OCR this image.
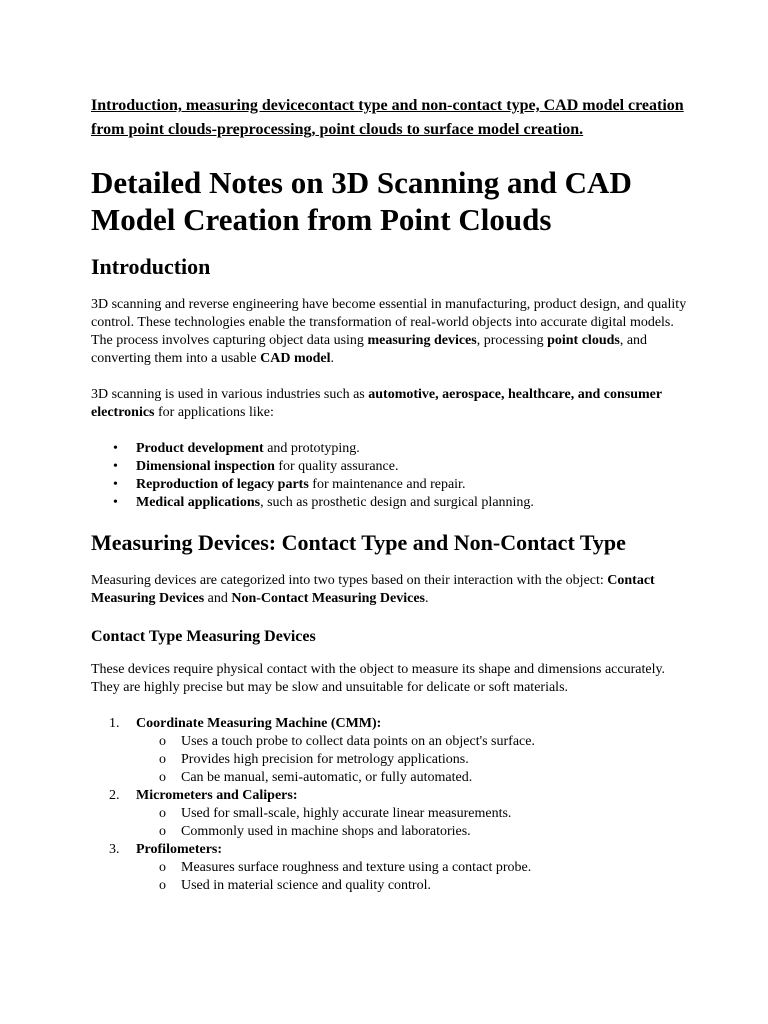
Introduction, measuring devicecontact type and non-contact type, CAD model creation from point clouds-preprocessing, point clouds to surface model creation.
Detailed Notes on 3D Scanning and CAD Model Creation from Point Clouds
Introduction

3D scanning and reverse engineering have become essential in manufacturing, product design, and quality control. These technologies enable the transformation of real-world objects into accurate digital models. The process involves capturing object data using measuring devices, processing point clouds, and converting them into a usable CAD model.

3D scanning is used in various industries such as automotive, aerospace, healthcare, and consumer electronics for applications like:

• Product development and prototyping.
• Dimensional inspection for quality assurance.
• Reproduction of legacy parts for maintenance and repair.
• Medical applications, such as prosthetic design and surgical planning.
Measuring Devices: Contact Type and Non-Contact Type

Measuring devices are categorized into two types based on their interaction with the object: Contact Measuring Devices and Non-Contact Measuring Devices.

Contact Type Measuring Devices

These devices require physical contact with the object to measure its shape and dimensions accurately. They are highly precise but may be slow and unsuitable for delicate or soft materials.

1. Coordinate Measuring Machine (CMM):
o Uses a touch probe to collect data points on an object's surface.
o Provides high precision for metrology applications.
o Can be manual, semi-automatic, or fully automated.
2. Micrometers and Calipers:
o Used for small-scale, highly accurate linear measurements.
o Commonly used in machine shops and laboratories.
3. Profilometers:
o Measures surface roughness and texture using a contact probe.
o Used in material science and quality control.
